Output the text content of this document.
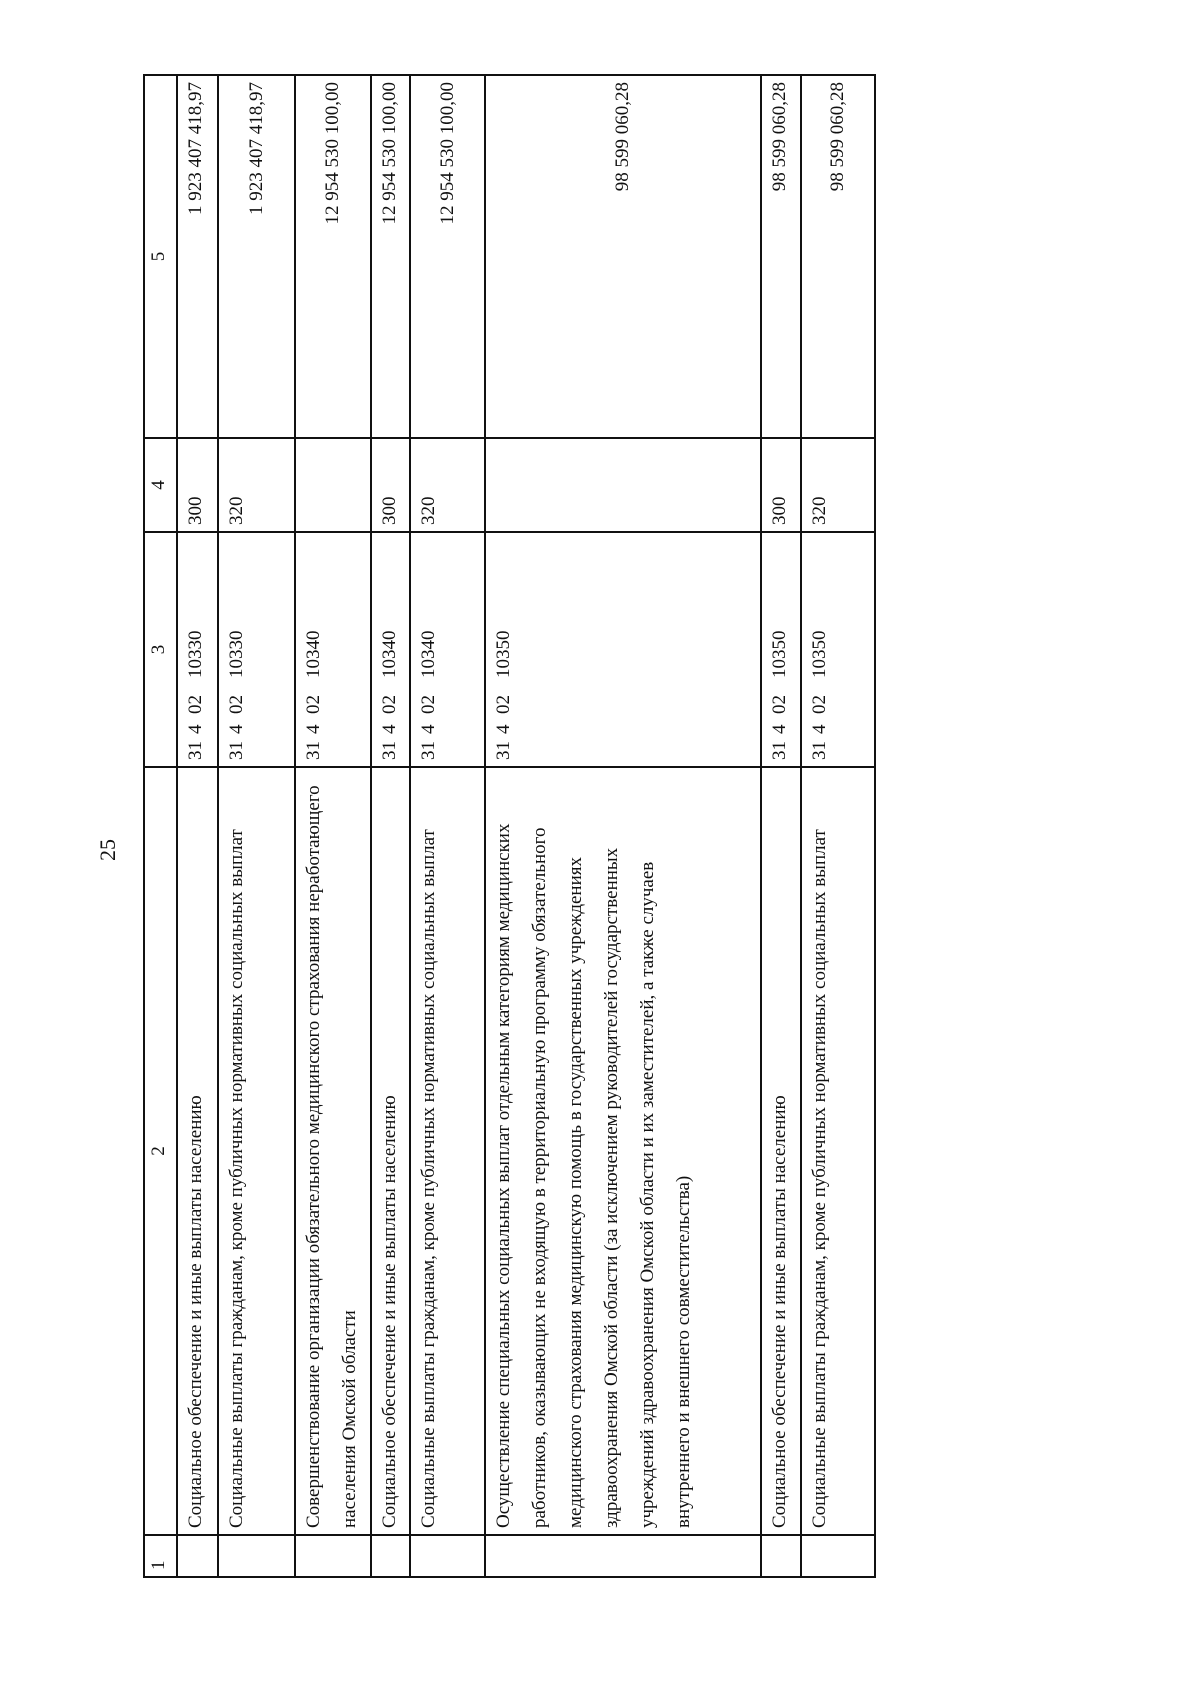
25
1	2	3	4	5
	Социальное обеспечение и иные выплаты населению	3140210330	300	1 923 407 418,97
	Социальные выплаты гражданам, кроме публичных нормативных социальных выплат	3140210330	320	1 923 407 418,97
	Совершенствование организации обязательного медицинского страхования неработающего населения Омской области	3140210340		12 954 530 100,00
	Социальное обеспечение и иные выплаты населению	3140210340	300	12 954 530 100,00
	Социальные выплаты гражданам, кроме публичных нормативных социальных выплат	3140210340	320	12 954 530 100,00
	Осуществление специальных социальных выплат отдельным категориям медицинских работников, оказывающих не входящую в территориальную программу обязательного медицинского страхования медицинскую помощь в государственных учреждениях здравоохранения Омской области (за исключением руководителей государственных учреждений здравоохранения Омской области и их заместителей, а также случаев внутреннего и внешнего совместительства)	3140210350		98 599 060,28
	Социальное обеспечение и иные выплаты населению	3140210350	300	98 599 060,28
	Социальные выплаты гражданам, кроме публичных нормативных социальных выплат	3140210350	320	98 599 060,28
